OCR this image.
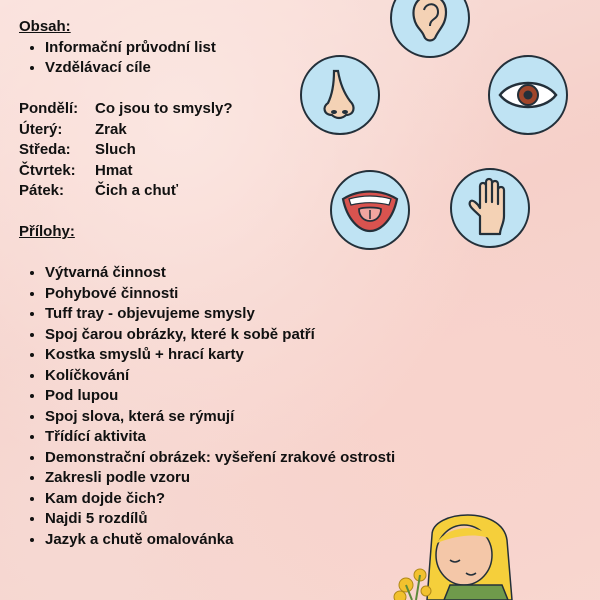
Obsah:
• Informační průvodní list
• Vzdělávací cíle
Pondělí:	Co jsou to smysly?
Úterý:	Zrak
Středa:	Sluch
Čtvrtek:	Hmat
Pátek:	Čich a chuť
Přílohy:
• Výtvarná činnost
• Pohybové činnosti
• Tuff tray - objevujeme smysly
• Spoj čarou obrázky, které k sobě patří
• Kostka smyslů + hrací karty
• Kolíčkování
• Pod lupou
• Spoj slova, která se rýmují
• Třídící aktivita
• Demonstrační obrázek: vyšeření zrakové ostrosti
• Zakresli podle vzoru
• Kam dojde čich?
• Najdi 5 rozdílů
• Jazyk a chutě omalovánka
